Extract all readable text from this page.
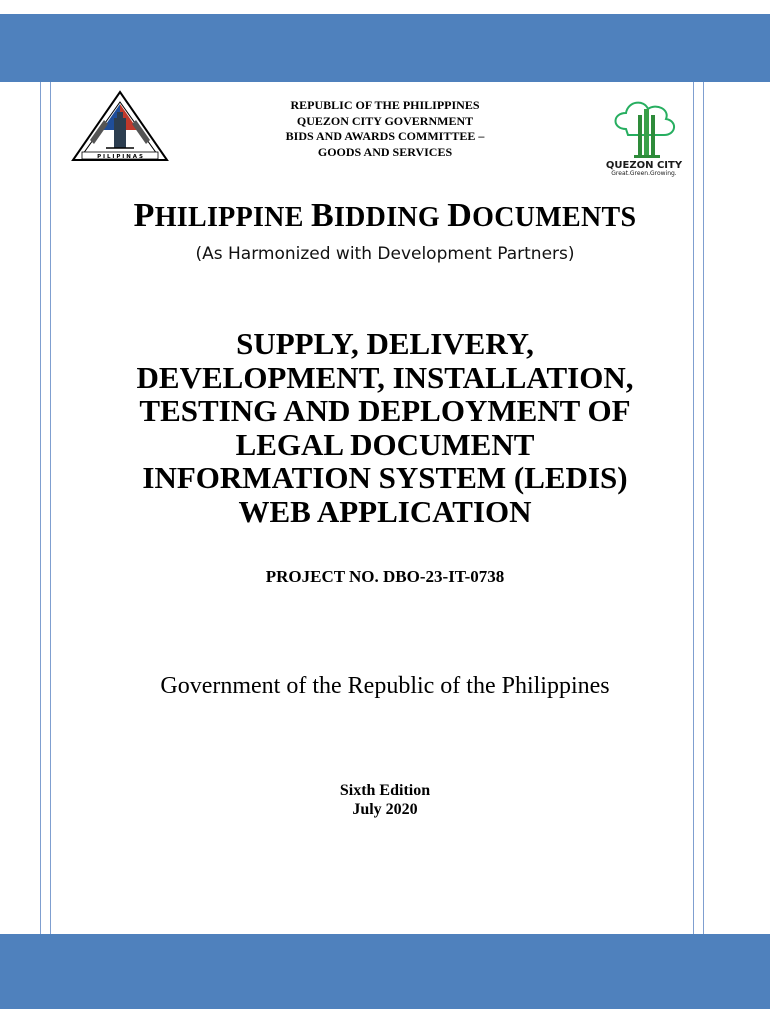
P I L I P I N A S
QUEZON CITY
Great.Green.Growing.
REPUBLIC OF THE PHILIPPINES
QUEZON CITY GOVERNMENT
BIDS AND AWARDS COMMITTEE –
GOODS AND SERVICES
PHILIPPINE BIDDING DOCUMENTS
(As Harmonized with Development Partners)
SUPPLY, DELIVERY,
DEVELOPMENT, INSTALLATION,
TESTING AND DEPLOYMENT OF
LEGAL DOCUMENT
INFORMATION SYSTEM (LEDIS)
WEB APPLICATION
PROJECT NO. DBO-23-IT-0738
Government of the Republic of the Philippines
Sixth Edition
July 2020
